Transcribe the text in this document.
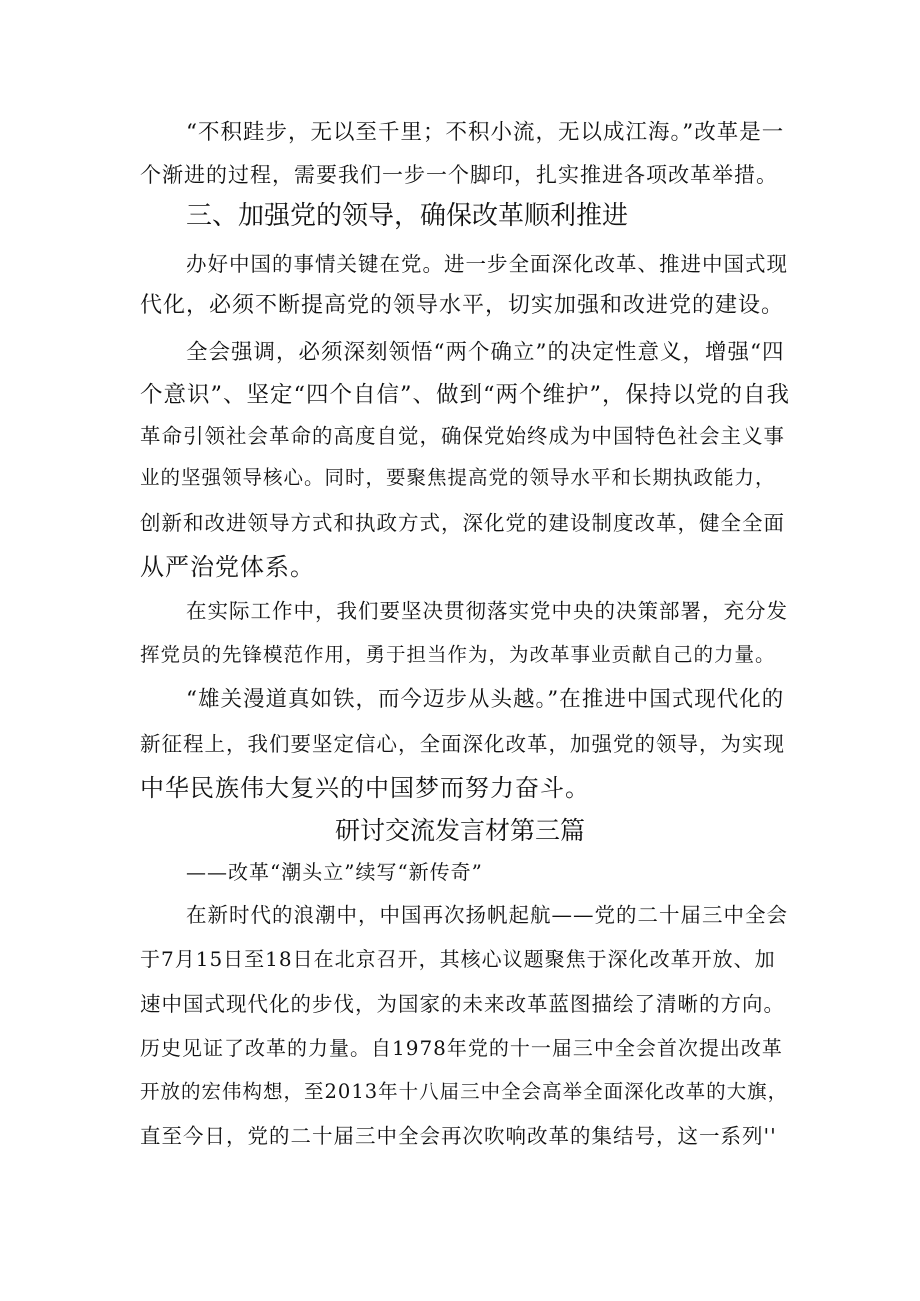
“不积跬步，无以至千里；不积小流，无以成江海。”改革是一
个渐进的过程，需要我们一步一个脚印，扎实推进各项改革举措。
三、加强党的领导，确保改革顺利推进
办好中国的事情关键在党。进一步全面深化改革、推进中国式现
代化，必须不断提高党的领导水平，切实加强和改进党的建设。
全会强调，必须深刻领悟“两个确立”的决定性意义，增强“四
个意识”、坚定“四个自信”、做到“两个维护”，保持以党的自我
革命引领社会革命的高度自觉，确保党始终成为中国特色社会主义事
业的坚强领导核心。同时，要聚焦提高党的领导水平和长期执政能力，
创新和改进领导方式和执政方式，深化党的建设制度改革，健全全面
从严治党体系。
在实际工作中，我们要坚决贯彻落实党中央的决策部署，充分发
挥党员的先锋模范作用，勇于担当作为，为改革事业贡献自己的力量。
“雄关漫道真如铁，而今迈步从头越。”在推进中国式现代化的
新征程上，我们要坚定信心，全面深化改革，加强党的领导，为实现
中华民族伟大复兴的中国梦而努力奋斗。
研讨交流发言材第三篇
——改革“潮头立”续写“新传奇”
在新时代的浪潮中，中国再次扬帆起航——党的二十届三中全会
于7月15日至18日在北京召开，其核心议题聚焦于深化改革开放、加
速中国式现代化的步伐，为国家的未来改革蓝图描绘了清晰的方向。
历史见证了改革的力量。自1978年党的十一届三中全会首次提出改革
开放的宏伟构想，至2013年十八届三中全会高举全面深化改革的大旗，
直至今日，党的二十届三中全会再次吹响改革的集结号，这一系列''
